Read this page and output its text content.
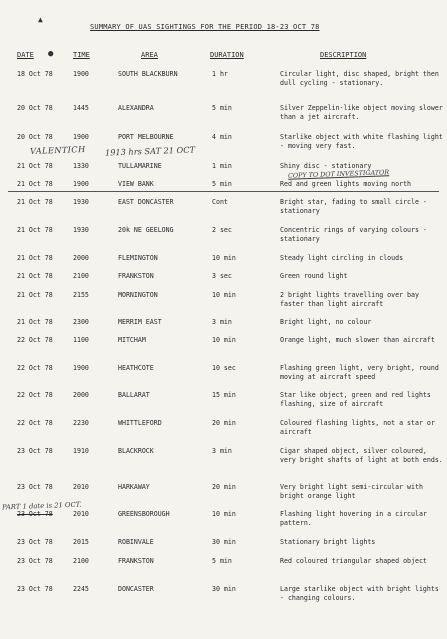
▲
●
SUMMARY OF UAS SIGHTINGS FOR THE PERIOD 18-23 OCT 78
DATE	TIME	AREA	DURATION	DESCRIPTION
18 Oct 78	1900	SOUTH BLACKBURN	1 hr	Circular light, disc shaped, bright then dull cycling - stationary.
20 Oct 78	1445	ALEXANDRA	5 min	Silver Zeppelin-like object moving slower than a jet aircraft.
20 Oct 78	1900	PORT MELBOURNE	4 min	Starlike object with white flashing light - moving very fast.
VALENTICH 1913 hrs SAT 21 OCT
21 Oct 78	1330	TULLAMARINE	1 min	Shiny disc - stationary
COPY TO DOT INVESTIGATOR
21 Oct 78	1900	VIEW BANK	5 min	Red and green lights moving north
21 Oct 78	1930	EAST DONCASTER	Cont	Bright star, fading to small circle - stationary
21 Oct 78	1930	20k NE GEELONG	2 sec	Concentric rings of varying colours - stationary
21 Oct 78	2000	FLEMINGTON	10 min	Steady light circling in clouds
21 Oct 78	2100	FRANKSTON	3 sec	Green round light
21 Oct 78	2155	MORNINGTON	10 min	2 bright lights travelling over bay faster than light aircraft
21 Oct 78	2300	MERRIM EAST	3 min	Bright light, no colour
22 Oct 78	1100	MITCHAM	10 min	Orange light, much slower than aircraft
22 Oct 78	1900	HEATHCOTE	10 sec	Flashing green light, very bright, round moving at aircraft speed
22 Oct 78	2000	BALLARAT	15 min	Star like object, green and red lights flashing, size of aircraft
22 Oct 78	2230	WHITTLEFORD	20 min	Coloured flashing lights, not a star or aircraft
23 Oct 78	1910	BLACKROCK	3 min	Cigar shaped object, silver coloured, very bright shafts of light at both ends.
23 Oct 78	2010	HARKAWAY	20 min	Very bright light semi-circular with bright orange light
PART 1 date is 21 OCT.
23 Oct 78	2010	GREENSBOROUGH	10 min	Flashing light hovering in a circular pattern.
23 Oct 78	2015	ROBINVALE	30 min	Stationary bright lights
23 Oct 78	2100	FRANKSTON	5 min	Red coloured triangular shaped object
23 Oct 78	2245	DONCASTER	30 min	Large starlike object with bright lights - changing colours.
